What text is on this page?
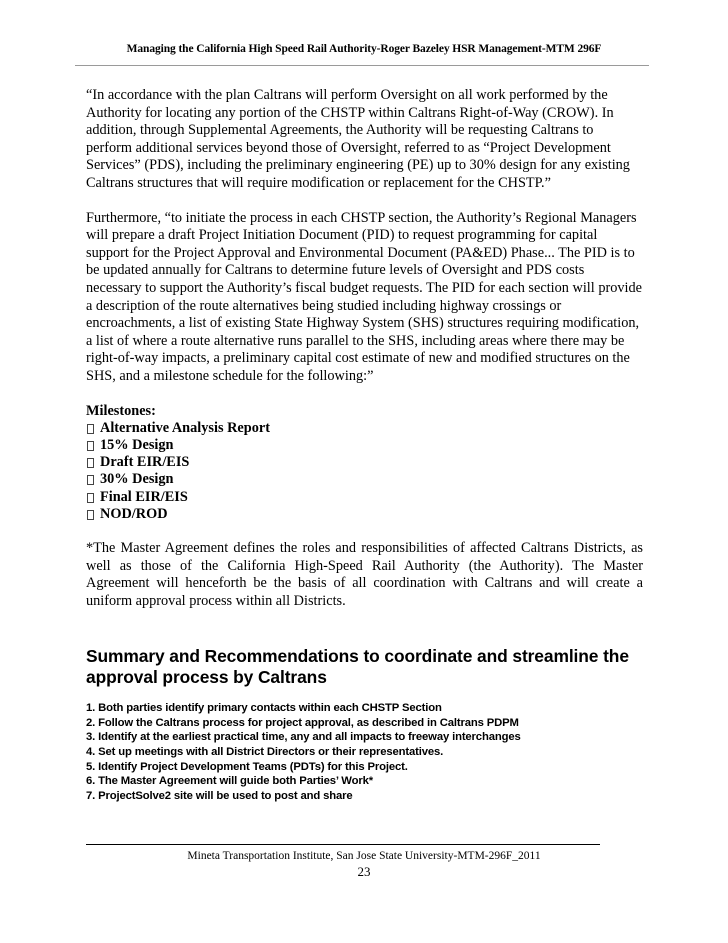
Managing the California High Speed Rail Authority-Roger Bazeley HSR Management-MTM 296F

“In accordance with the plan Caltrans will perform Oversight on all work performed by the Authority for locating any portion of the CHSTP within Caltrans Right-of-Way (CROW). In addition, through Supplemental Agreements, the Authority will be requesting Caltrans to perform additional services beyond those of Oversight, referred to as “Project Development Services” (PDS), including the preliminary engineering (PE) up to 30% design for any existing Caltrans structures that will require modification or replacement for the CHSTP.”

Furthermore, “to initiate the process in each CHSTP section, the Authority’s Regional Managers will prepare a draft Project Initiation Document (PID) to request programming for capital support for the Project Approval and Environmental Document (PA&ED) Phase... The PID is to be updated annually for Caltrans to determine future levels of Oversight and PDS costs necessary to support the Authority’s fiscal budget requests. The PID for each section will provide a description of the route alternatives being studied including highway crossings or encroachments, a list of existing State Highway System (SHS) structures requiring modification, a list of where a route alternative runs parallel to the SHS, including areas where there may be right-of-way impacts, a preliminary capital cost estimate of new and modified structures on the SHS, and a milestone schedule for the following:”

Milestones:
Alternative Analysis Report
15% Design
Draft EIR/EIS
30% Design
Final EIR/EIS
NOD/ROD

*The Master Agreement defines the roles and responsibilities of affected Caltrans Districts, as well as those of the California High-Speed Rail Authority (the Authority). The Master Agreement will henceforth be the basis of all coordination with Caltrans and will create a uniform approval process within all Districts.

Summary and Recommendations to coordinate and streamline the approval process by Caltrans
1. Both parties identify primary contacts within each CHSTP Section
2. Follow the Caltrans process for project approval, as described in Caltrans PDPM
3. Identify at the earliest practical time, any and all impacts to freeway interchanges
4. Set up meetings with all District Directors or their representatives.
5. Identify Project Development Teams (PDTs) for this Project.
6. The Master Agreement will guide both Parties’ Work*
7. ProjectSolve2 site will be used to post and share
Mineta Transportation Institute, San Jose State University-MTM-296F_2011
23
